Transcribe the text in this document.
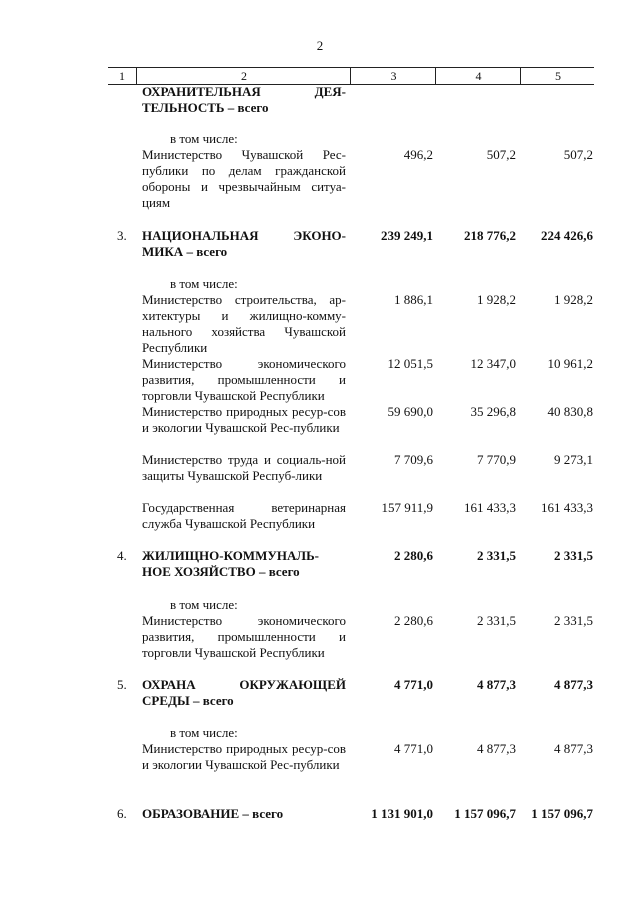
2
1	2	3	4	5
ОХРАНИТЕЛЬНАЯ ДЕЯ-ТЕЛЬНОСТЬ – всего
в том числе:
Министерство Чувашской Рес-публики по делам гражданской обороны и чрезвычайным ситуа-циям
496,2	507,2	507,2
3.	НАЦИОНАЛЬНАЯ ЭКОНО-МИКА – всего
239 249,1	218 776,2	224 426,6
в том числе:
Министерство строительства, ар-хитектуры и жилищно-комму-нального хозяйства Чувашской Республики
1 886,1	1 928,2	1 928,2
Министерство экономического развития, промышленности и торговли Чувашской Республики
12 051,5	12 347,0	10 961,2
Министерство природных ресур-сов и экологии Чувашской Рес-публики
59 690,0	35 296,8	40 830,8
Министерство труда и социаль-ной защиты Чувашской Респуб-лики
7 709,6	7 770,9	9 273,1
Государственная ветеринарная служба Чувашской Республики
157 911,9	161 433,3	161 433,3
4.	ЖИЛИЩНО-КОММУНАЛЬ-НОЕ ХОЗЯЙСТВО – всего
2 280,6	2 331,5	2 331,5
в том числе:
Министерство экономического развития, промышленности и торговли Чувашской Республики
2 280,6	2 331,5	2 331,5
5.	ОХРАНА ОКРУЖАЮЩЕЙ СРЕДЫ – всего
4 771,0	4 877,3	4 877,3
в том числе:
Министерство природных ресур-сов и экологии Чувашской Рес-публики
4 771,0	4 877,3	4 877,3
6.	ОБРАЗОВАНИЕ – всего	1 131 901,0	1 157 096,7	1 157 096,7
